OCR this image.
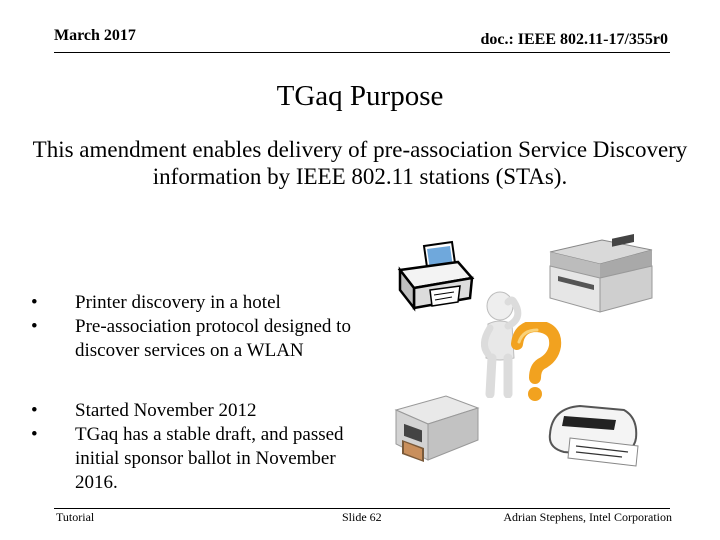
March 2017	doc.: IEEE 802.11-17/355r0
TGaq Purpose
This amendment enables delivery of pre-association Service Discovery information by IEEE 802.11 stations (STAs).
•	Printer discovery in a hotel
•	Pre-association protocol designed to discover services on a WLAN
•	Started November 2012
•	TGaq has a stable draft, and passed initial sponsor ballot in November 2016.
Tutorial	Slide 62	Adrian Stephens, Intel Corporation
